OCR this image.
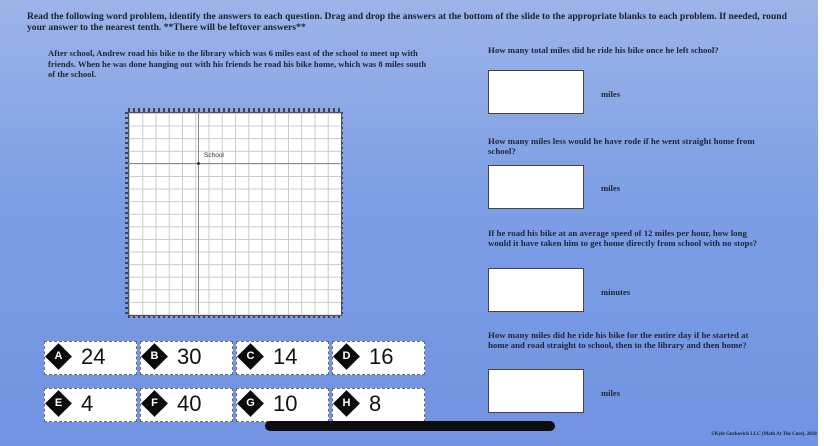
Read the following word problem, identify the answers to each question. Drag and drop the answers at the bottom of the slide to the appropriate blanks to each problem. If needed, round your answer to the nearest tenth. **There will be leftover answers**
After school, Andrew road his bike to the library which was 6 miles east of the school to meet up with friends. When he was done hanging out with his friends he road his bike home, which was 8 miles south of the school.
School
How many total miles did he ride his bike once he left school?
miles
How many miles less would he have rode if he went straight home from school?
miles
If he road his bike at an average speed of 12 miles per hour, how long would it have taken him to get home directly from school with no stops?
minutes
How many miles did he ride his bike for the entire day if he started at home and road straight to school, then to the library and then home?
miles
A 24	B 30	C 14	D 16
E 4	F 40	G 10	H 8
©Kyle Gurkovich LLC (Math At The Core), 2018
